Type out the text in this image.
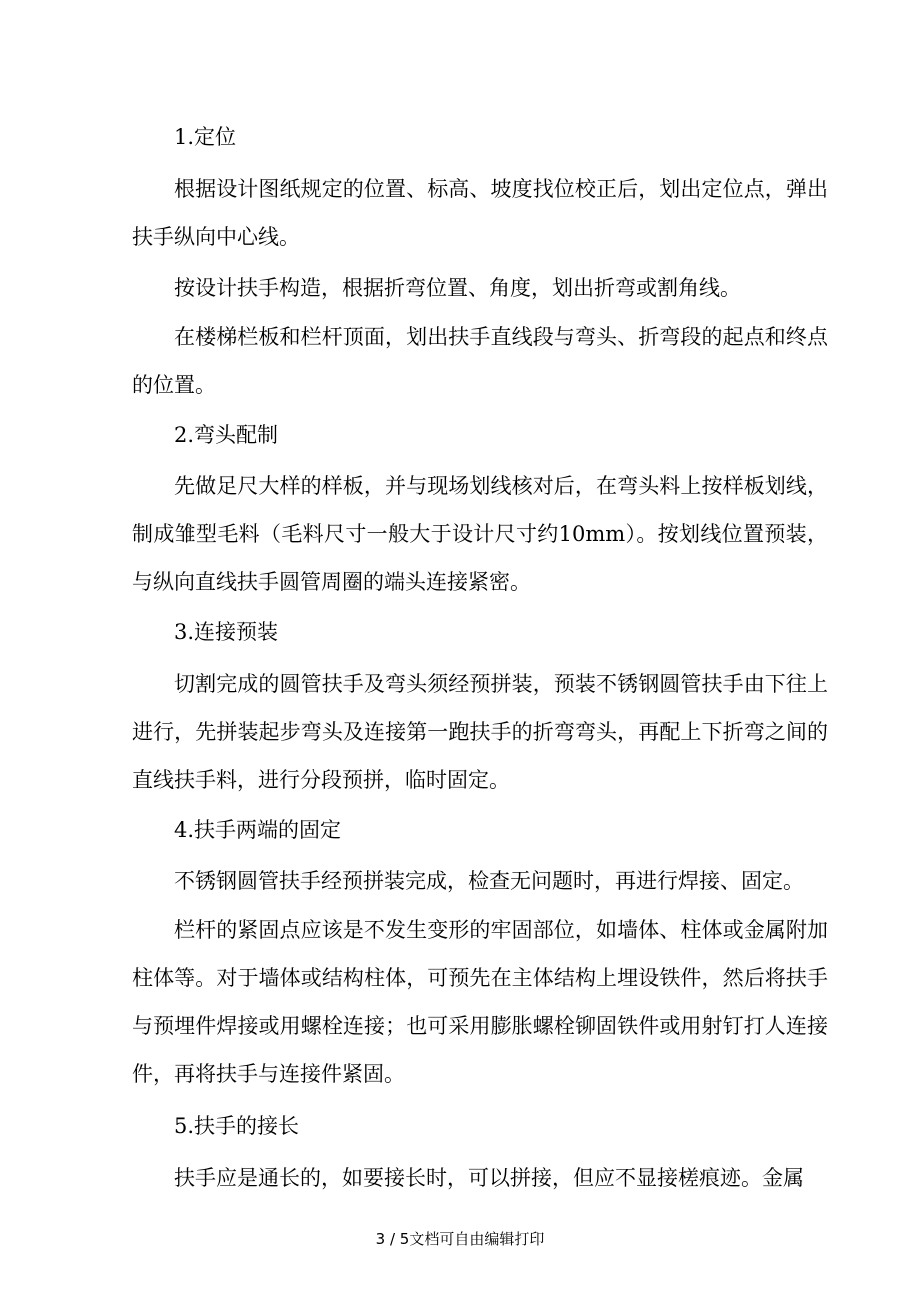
1.定位

根据设计图纸规定的位置、标高、坡度找位校正后，划出定位点，弹出扶手纵向中心线。

按设计扶手构造，根据折弯位置、角度，划出折弯或割角线。

在楼梯栏板和栏杆顶面，划出扶手直线段与弯头、折弯段的起点和终点的位置。

2.弯头配制

先做足尺大样的样板，并与现场划线核对后，在弯头料上按样板划线，制成雏型毛料（毛料尺寸一般大于设计尺寸约10mm）。按划线位置预装，与纵向直线扶手圆管周圈的端头连接紧密。

3.连接预装

切割完成的圆管扶手及弯头须经预拼装，预装不锈钢圆管扶手由下往上进行，先拼装起步弯头及连接第一跑扶手的折弯弯头，再配上下折弯之间的直线扶手料，进行分段预拼，临时固定。

4.扶手两端的固定

不锈钢圆管扶手经预拼装完成，检查无问题时，再进行焊接、固定。

栏杆的紧固点应该是不发生变形的牢固部位，如墙体、柱体或金属附加柱体等。对于墙体或结构柱体，可预先在主体结构上埋设铁件，然后将扶手与预埋件焊接或用螺栓连接；也可采用膨胀螺栓铆固铁件或用射钉打人连接件，再将扶手与连接件紧固。

5.扶手的接长

扶手应是通长的，如要接长时，可以拼接，但应不显接槎痕迹。金属

3 / 5文档可自由编辑打印
